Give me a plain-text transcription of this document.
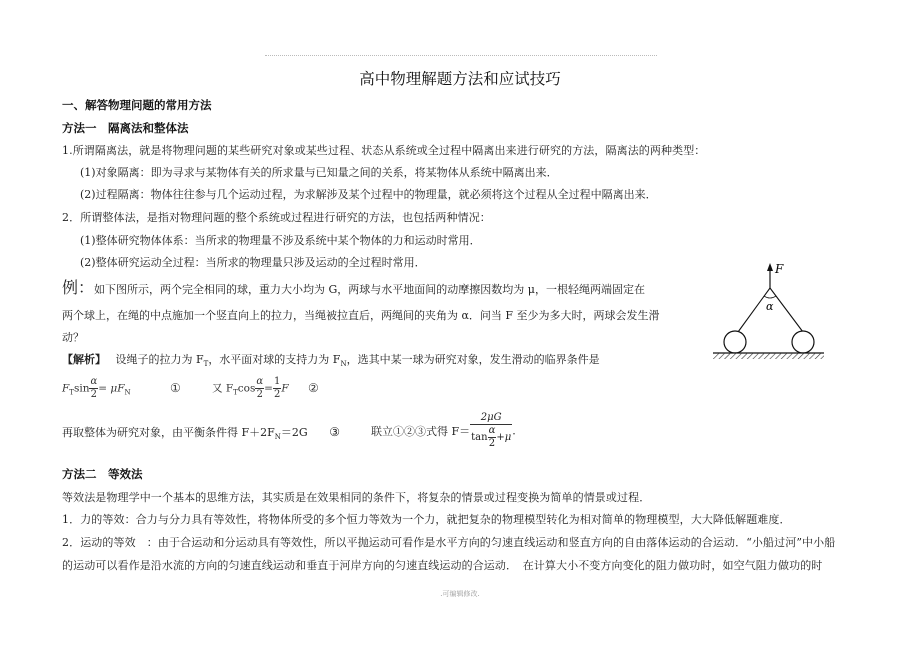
高中物理解题方法和应试技巧
一、解答物理问题的常用方法
方法一　隔离法和整体法
1.所谓隔离法，就是将物理问题的某些研究对象或某些过程、状态从系统或全过程中隔离出来进行研究的方法，隔离法的两种类型：
(1)对象隔离：即为寻求与某物体有关的所求量与已知量之间的关系，将某物体从系统中隔离出来．
(2)过程隔离：物体往往参与几个运动过程，为求解涉及某个过程中的物理量，就必须将这个过程从全过程中隔离出来．
2．所谓整体法，是指对物理问题的整个系统或过程进行研究的方法，也包括两种情况：
(1)整体研究物体体系：当所求的物理量不涉及系统中某个物体的力和运动时常用．
(2)整体研究运动全过程：当所求的物理量只涉及运动的全过程时常用．
例：如下图所示，两个完全相同的球，重力大小均为 G，两球与水平地面间的动摩擦因数均为 μ，一根轻绳两端固定在
两个球上，在绳的中点施加一个竖直向上的拉力，当绳被拉直后，两绳间的夹角为 α．问当 F 至少为多大时，两球会发生滑
动？
【解析】 设绳子的拉力为 $F_T$，水平面对球的支持力为 $F_N$，选其中某一球为研究对象，发生滑动的临界条件是
$F_T\sin \frac{\alpha}{2} = \mu F_N$	①	又 $F_T\cos \frac{\alpha}{2} = \frac{1}{2}$ F ②
再取整体为研究对象，由平衡条件得 $F+2F_N=2G$ ③	联立①②③式得 $F= \frac{2\mu G}{\tan \frac{\alpha}{2} +\mu}$ .
F
α
方法二　等效法
等效法是物理学中一个基本的思维方法，其实质是在效果相同的条件下，将复杂的情景或过程变换为简单的情景或过程．
1．力的等效：合力与分力具有等效性，将物体所受的多个恒力等效为一个力，就把复杂的物理模型转化为相对简单的物理模型，大大降低解题难度．
2．运动的等效　：由于合运动和分运动具有等效性，所以平抛运动可看作是水平方向的匀速直线运动和竖直方向的自由落体运动的合运动．“小船过河”中小船
的运动可以看作是沿水流的方向的匀速直线运动和垂直于河岸方向的匀速直线运动的合运动．　在计算大小不变方向变化的阻力做功时，如空气阻力做功的时
.可编辑修改.
